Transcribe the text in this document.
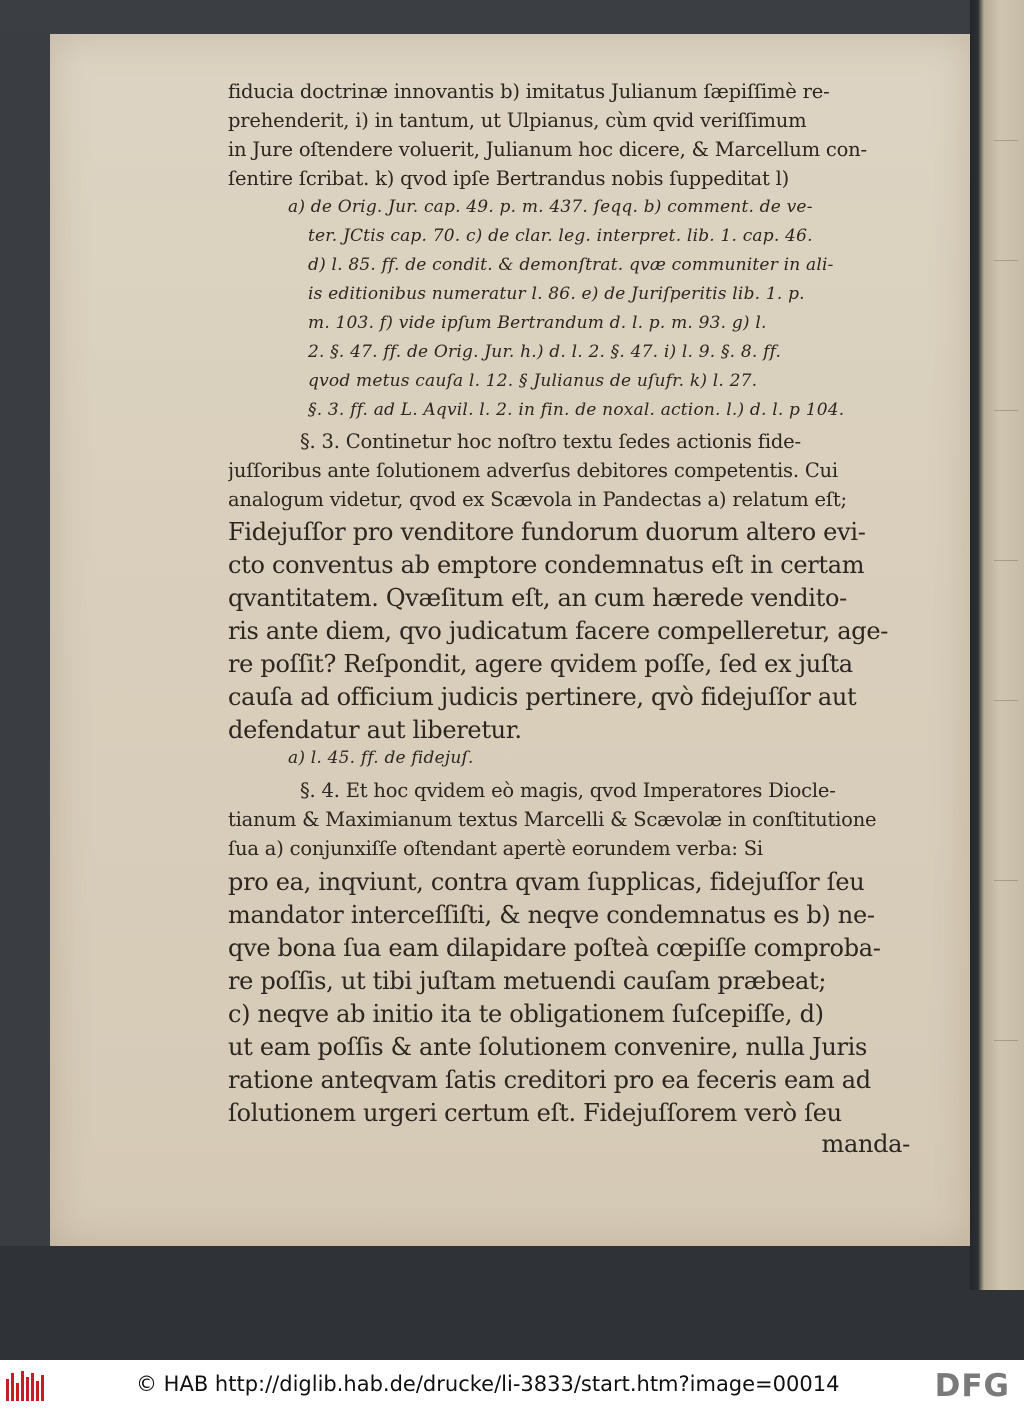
fiducia doctrinæ innovantis b) imitatus Julianum ſæpiſſimè re-
prehenderit, i) in tantum, ut Ulpianus, cùm qvid veriſſimum
in Jure oſtendere voluerit, Julianum hoc dicere, & Marcellum con-
ſentire ſcribat. k) qvod ipſe Bertrandus nobis ſuppeditat l)
a) de Orig. Jur. cap. 49. p. m. 437. ſeqq. b) comment. de ve-
ter. JCtis cap. 70. c) de clar. leg. interpret. lib. 1. cap. 46.
d) l. 85. ff. de condit. & demonſtrat. qvæ communiter in ali-
is editionibus numeratur l. 86. e) de Juriſperitis lib. 1. p.
m. 103. f) vide ipſum Bertrandum d. l. p. m. 93. g) l.
2. §. 47. ff. de Orig. Jur. h.) d. l. 2. §. 47. i) l. 9. §. 8. ff.
qvod metus cauſa l. 12. § Julianus de uſufr. k) l. 27.
§. 3. ff. ad L. Aqvil. l. 2. in fin. de noxal. action. l.) d. l. p 104.
§. 3. Continetur hoc noſtro textu ſedes actionis fide-
juſſoribus ante ſolutionem adverſus debitores competentis. Cui
analogum videtur, qvod ex Scævola in Pandectas a) relatum eſt;
Fidejuſſor pro venditore fundorum duorum altero evi-
cto conventus ab emptore condemnatus eſt in certam
qvantitatem. Qvæſitum eſt, an cum hærede vendito-
ris ante diem, qvo judicatum facere compelleretur, age-
re poſſit? Reſpondit, agere qvidem poſſe, ſed ex juſta
cauſa ad officium judicis pertinere, qvò fidejuſſor aut
defendatur aut liberetur.
a) l. 45. ff. de fidejuſ.
§. 4. Et hoc qvidem eò magis, qvod Imperatores Diocle-
tianum & Maximianum textus Marcelli & Scævolæ in conſtitutione
ſua a) conjunxiſſe oſtendant apertè eorundem verba: Si
pro ea, inqviunt, contra qvam ſupplicas, fidejuſſor ſeu
mandator interceſſiſti, & neqve condemnatus es b) ne-
qve bona ſua eam dilapidare poſteà cœpiſſe comproba-
re poſſis, ut tibi juſtam metuendi cauſam præbeat;
c) neqve ab initio ita te obligationem ſuſcepiſſe, d)
ut eam poſſis & ante ſolutionem convenire, nulla Juris
ratione anteqvam ſatis creditori pro ea feceris eam ad
ſolutionem urgeri certum eſt. Fidejuſſorem verò ſeu
manda-
© HAB http://diglib.hab.de/drucke/li-3833/start.htm?image=00014	DFG
